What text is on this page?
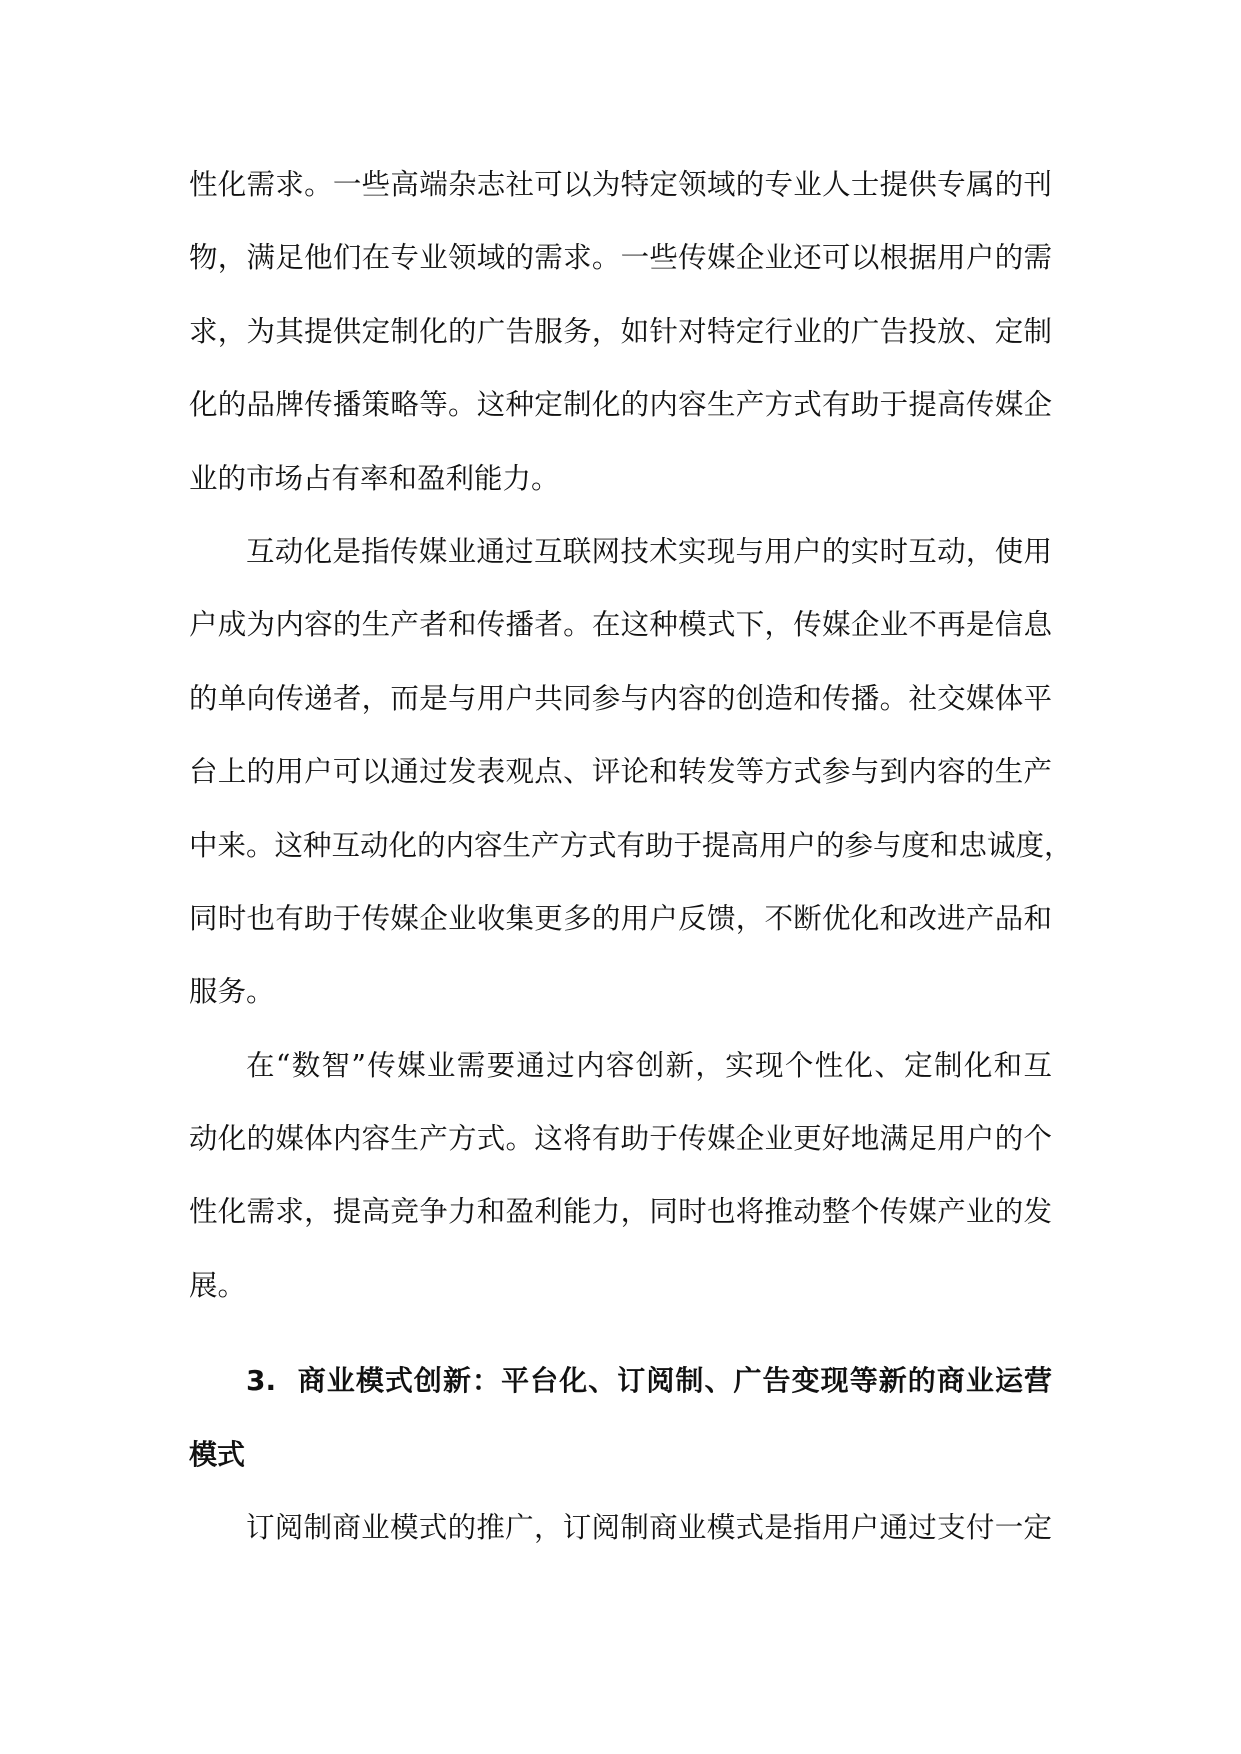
性化需求。一些高端杂志社可以为特定领域的专业人士提供专属的刊
物，满足他们在专业领域的需求。一些传媒企业还可以根据用户的需
求，为其提供定制化的广告服务，如针对特定行业的广告投放、定制
化的品牌传播策略等。这种定制化的内容生产方式有助于提高传媒企
业的市场占有率和盈利能力。
互动化是指传媒业通过互联网技术实现与用户的实时互动，使用
户成为内容的生产者和传播者。在这种模式下，传媒企业不再是信息
的单向传递者，而是与用户共同参与内容的创造和传播。社交媒体平
台上的用户可以通过发表观点、评论和转发等方式参与到内容的生产
中来。这种互动化的内容生产方式有助于提高用户的参与度和忠诚度，
同时也有助于传媒企业收集更多的用户反馈，不断优化和改进产品和
服务。
在“数智”传媒业需要通过内容创新，实现个性化、定制化和互
动化的媒体内容生产方式。这将有助于传媒企业更好地满足用户的个
性化需求，提高竞争力和盈利能力，同时也将推动整个传媒产业的发
展。
3. 商业模式创新：平台化、订阅制、广告变现等新的商业运营
模式
订阅制商业模式的推广，订阅制商业模式是指用户通过支付一定
